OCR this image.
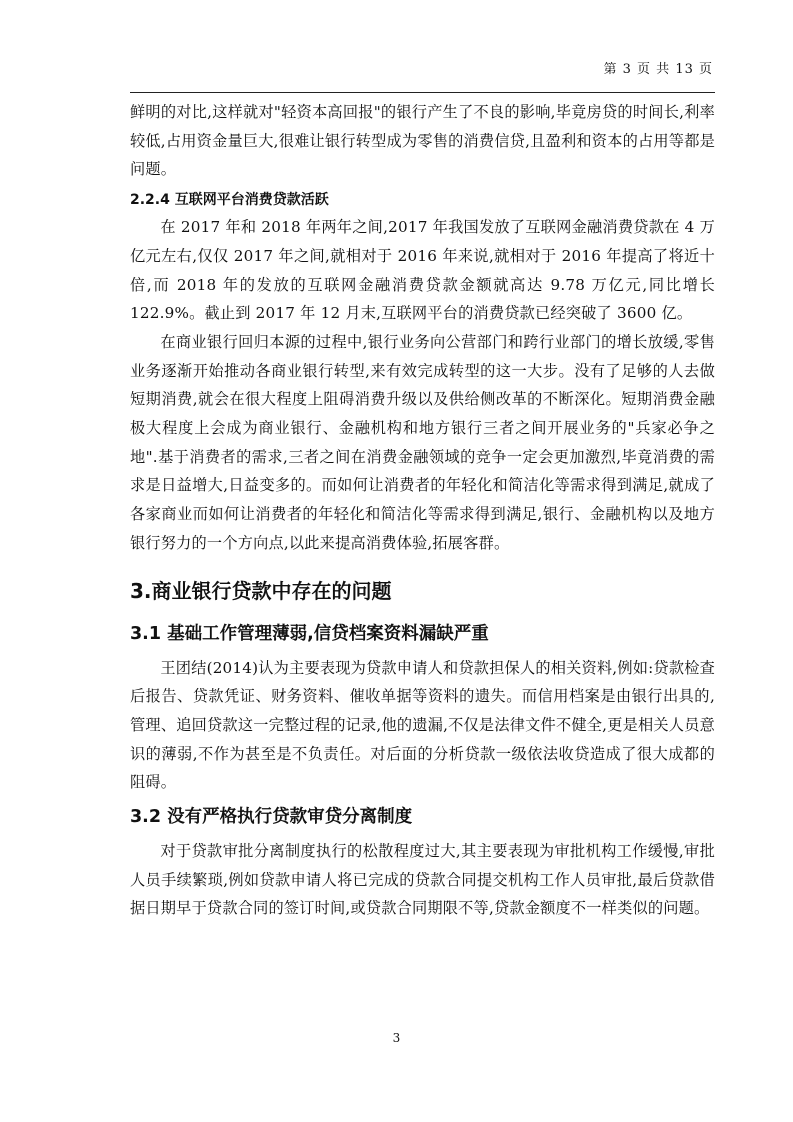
第 3 页 共 13 页

鲜明的对比,这样就对"轻资本高回报"的银行产生了不良的影响,毕竟房贷的时间长,利率较低,占用资金量巨大,很难让银行转型成为零售的消费信贷,且盈利和资本的占用等都是问题。

2.2.4 互联网平台消费贷款活跃

在 2017 年和 2018 年两年之间,2017 年我国发放了互联网金融消费贷款在 4 万亿元左右,仅仅 2017 年之间,就相对于 2016 年来说,就相对于 2016 年提高了将近十倍,而 2018 年的发放的互联网金融消费贷款金额就高达 9.78 万亿元,同比增长 122.9%。截止到 2017 年 12 月末,互联网平台的消费贷款已经突破了 3600 亿。

在商业银行回归本源的过程中,银行业务向公营部门和跨行业部门的增长放缓,零售业务逐渐开始推动各商业银行转型,来有效完成转型的这一大步。没有了足够的人去做短期消费,就会在很大程度上阻碍消费升级以及供给侧改革的不断深化。短期消费金融极大程度上会成为商业银行、金融机构和地方银行三者之间开展业务的"兵家必争之地".基于消费者的需求,三者之间在消费金融领域的竞争一定会更加激烈,毕竟消费的需求是日益增大,日益变多的。而如何让消费者的年轻化和简洁化等需求得到满足,就成了各家商业而如何让消费者的年轻化和简洁化等需求得到满足,银行、金融机构以及地方银行努力的一个方向点,以此来提高消费体验,拓展客群。

3.商业银行贷款中存在的问题
3.1 基础工作管理薄弱,信贷档案资料漏缺严重

王团结(2014)认为主要表现为贷款申请人和贷款担保人的相关资料,例如:贷款检查后报告、贷款凭证、财务资料、催收单据等资料的遗失。而信用档案是由银行出具的,管理、追回贷款这一完整过程的记录,他的遗漏,不仅是法律文件不健全,更是相关人员意识的薄弱,不作为甚至是不负责任。对后面的分析贷款一级依法收贷造成了很大成都的阻碍。

3.2 没有严格执行贷款审贷分离制度

对于贷款审批分离制度执行的松散程度过大,其主要表现为审批机构工作缓慢,审批人员手续繁琐,例如贷款申请人将已完成的贷款合同提交机构工作人员审批,最后贷款借据日期早于贷款合同的签订时间,或贷款合同期限不等,贷款金额度不一样类似的问题。

3
